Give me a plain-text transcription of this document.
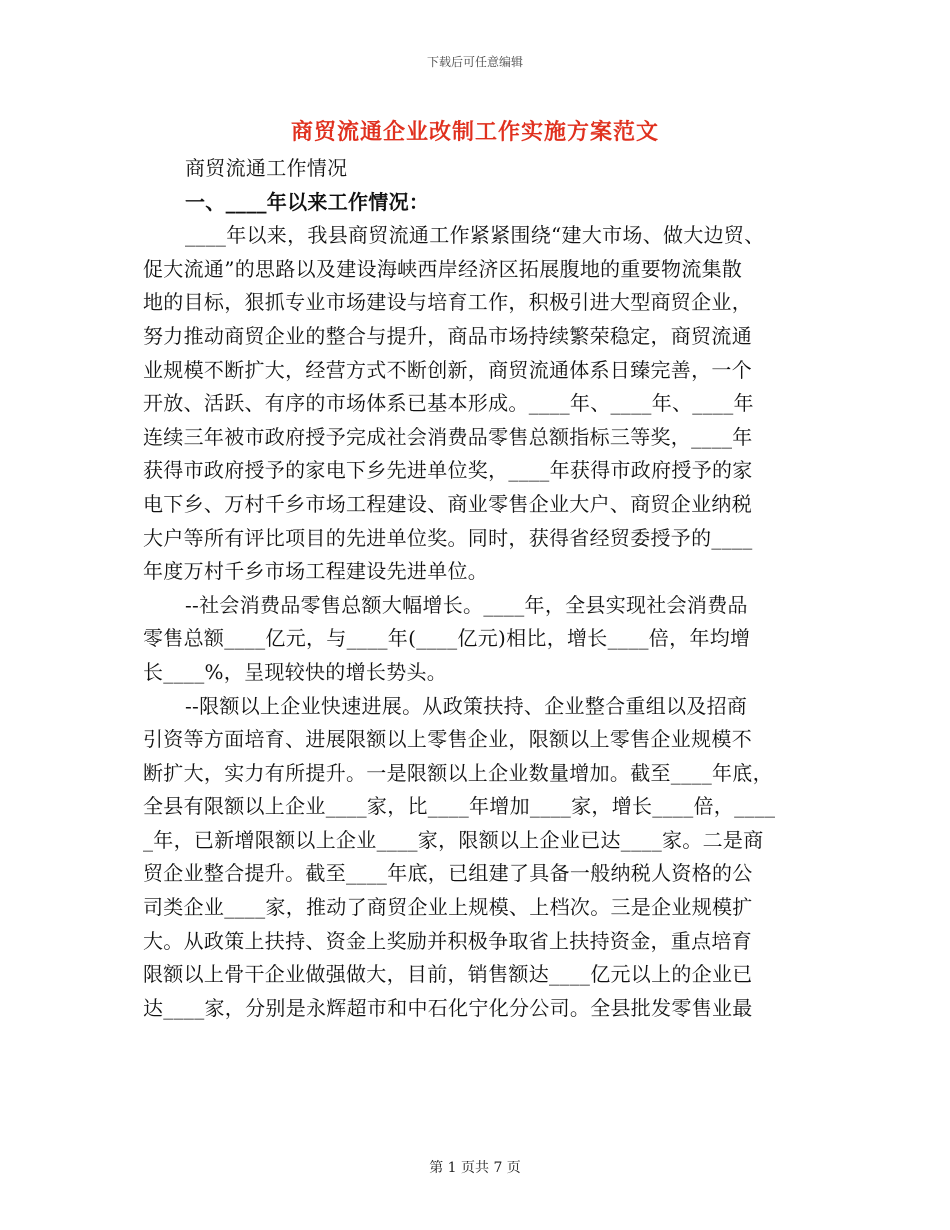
下载后可任意编辑
商贸流通企业改制工作实施方案范文
商贸流通工作情况
一、____年以来工作情况：
____年以来，我县商贸流通工作紧紧围绕“建大市场、做大边贸、
促大流通”的思路以及建设海峡西岸经济区拓展腹地的重要物流集散
地的目标，狠抓专业市场建设与培育工作，积极引进大型商贸企业，
努力推动商贸企业的整合与提升，商品市场持续繁荣稳定，商贸流通
业规模不断扩大，经营方式不断创新，商贸流通体系日臻完善，一个
开放、活跃、有序的市场体系已基本形成。____年、____年、____年
连续三年被市政府授予完成社会消费品零售总额指标三等奖，____年
获得市政府授予的家电下乡先进单位奖，____年获得市政府授予的家
电下乡、万村千乡市场工程建设、商业零售企业大户、商贸企业纳税
大户等所有评比项目的先进单位奖。同时，获得省经贸委授予的____
年度万村千乡市场工程建设先进单位。
--社会消费品零售总额大幅增长。____年，全县实现社会消费品
零售总额____亿元，与____年(____亿元)相比，增长____倍，年均增
长____%，呈现较快的增长势头。
--限额以上企业快速进展。从政策扶持、企业整合重组以及招商
引资等方面培育、进展限额以上零售企业，限额以上零售企业规模不
断扩大，实力有所提升。一是限额以上企业数量增加。截至____年底，
全县有限额以上企业____家，比____年增加____家，增长____倍，____
_年，已新增限额以上企业____家，限额以上企业已达____家。二是商
贸企业整合提升。截至____年底，已组建了具备一般纳税人资格的公
司类企业____家，推动了商贸企业上规模、上档次。三是企业规模扩
大。从政策上扶持、资金上奖励并积极争取省上扶持资金，重点培育
限额以上骨干企业做强做大，目前，销售额达____亿元以上的企业已
达____家，分别是永辉超市和中石化宁化分公司。全县批发零售业最
第 1 页共 7 页
